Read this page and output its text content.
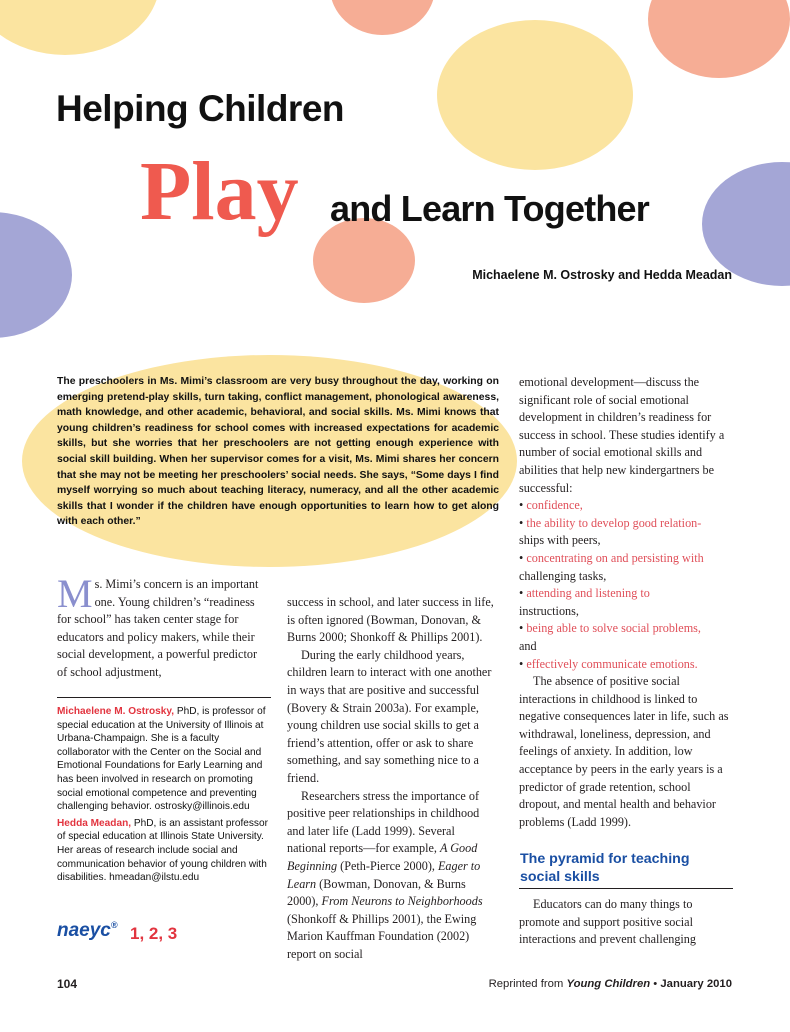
Helping Children
Play and Learn Together
Michaelene M. Ostrosky and Hedda Meadan

The preschoolers in Ms. Mimi’s classroom are very busy throughout the day, working on emerging pretend-play skills, turn taking, conflict management, phonological awareness, math knowledge, and other academic, behavioral, and social skills. Ms. Mimi knows that young children’s readiness for school comes with increased expectations for academic skills, but she worries that her preschoolers are not getting enough experience with social skill building. When her supervisor comes for a visit, Ms. Mimi shares her concern that she may not be meeting her preschoolers’ social needs. She says, “Some days I find myself worrying so much about teaching literacy, numeracy, and all the other academic skills that I wonder if the children have enough opportunities to learn how to get along with each other.”

Ms. Mimi’s concern is an important one. Young children’s “readiness for school” has taken center stage for educators and policy makers, while their social development, a powerful predictor of school adjustment,

Michaelene M. Ostrosky, PhD, is professor of special education at the University of Illinois at Urbana-Champaign. She is a faculty collaborator with the Center on the Social and Emotional Foundations for Early Learning and has been involved in research on promoting social emotional competence and preventing challenging behavior. ostrosky@illinois.edu

Hedda Meadan, PhD, is an assistant professor of special education at Illinois State University. Her areas of research include social and communication behavior of young children with disabilities. hmeadan@ilstu.edu

naeyc® 1, 2, 3

success in school, and later success in life, is often ignored (Bowman, Donovan, & Burns 2000; Shonkoff & Phillips 2001).

During the early childhood years, children learn to interact with one another in ways that are positive and successful (Bovery & Strain 2003a). For example, young children use social skills to get a friend’s attention, offer or ask to share something, and say something nice to a friend.

Researchers stress the importance of positive peer relationships in childhood and later life (Ladd 1999). Several national reports—for example, A Good Beginning (Peth-Pierce 2000), Eager to Learn (Bowman, Donovan, & Burns 2000), From Neurons to Neighborhoods (Shonkoff & Phillips 2001), the Ewing Marion Kauffman Foundation (2002) report on social

emotional development—discuss the significant role of social emotional development in children’s readiness for success in school. These studies identify a number of social emotional skills and abilities that help new kindergartners be successful:

• confidence,
• the ability to develop good relation-
ships with peers,
• concentrating on and persisting with
challenging tasks,
• attending and listening to
instructions,
• being able to solve social problems,
and
• effectively communicate emotions.

The absence of positive social interactions in childhood is linked to negative consequences later in life, such as withdrawal, loneliness, depression, and feelings of anxiety. In addition, low acceptance by peers in the early years is a predictor of grade retention, school dropout, and mental health and behavior problems (Ladd 1999).

The pyramid for teaching social skills

Educators can do many things to promote and support positive social interactions and prevent challenging

104	Reprinted from Young Children • January 2010
